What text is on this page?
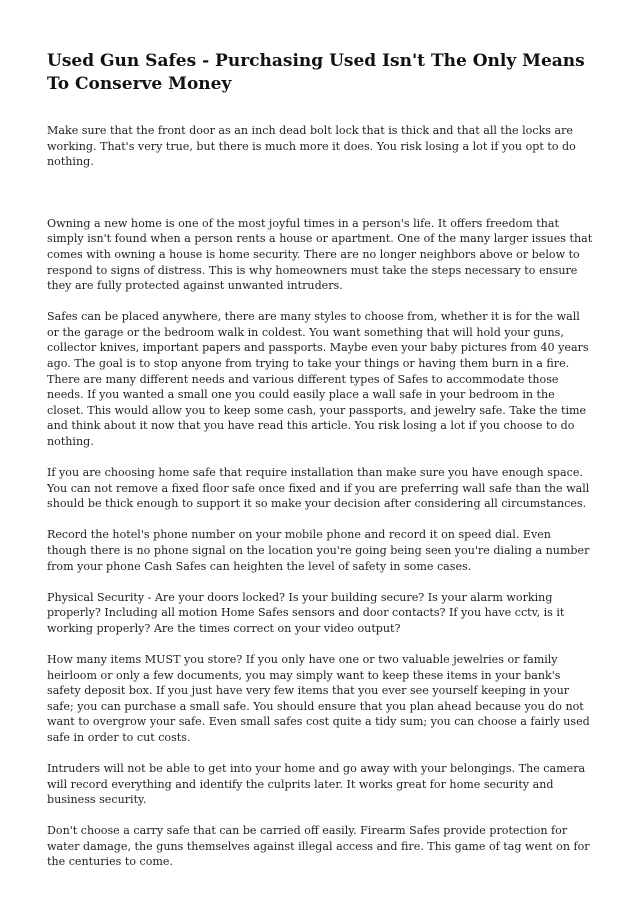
Used Gun Safes - Purchasing Used Isn't The Only Means To Conserve Money

Make sure that the front door as an inch dead bolt lock that is thick and that all the locks are working. That's very true, but there is much more it does. You risk losing a lot if you opt to do nothing.

Owning a new home is one of the most joyful times in a person's life. It offers freedom that simply isn't found when a person rents a house or apartment. One of the many larger issues that comes with owning a house is home security. There are no longer neighbors above or below to respond to signs of distress. This is why homeowners must take the steps necessary to ensure they are fully protected against unwanted intruders.

Safes can be placed anywhere, there are many styles to choose from, whether it is for the wall or the garage or the bedroom walk in coldest. You want something that will hold your guns, collector knives, important papers and passports. Maybe even your baby pictures from 40 years ago. The goal is to stop anyone from trying to take your things or having them burn in a fire. There are many different needs and various different types of Safes to accommodate those needs. If you wanted a small one you could easily place a wall safe in your bedroom in the closet. This would allow you to keep some cash, your passports, and jewelry safe. Take the time and think about it now that you have read this article. You risk losing a lot if you choose to do nothing.

If you are choosing home safe that require installation than make sure you have enough space. You can not remove a fixed floor safe once fixed and if you are preferring wall safe than the wall should be thick enough to support it so make your decision after considering all circumstances.

Record the hotel's phone number on your mobile phone and record it on speed dial. Even though there is no phone signal on the location you're going being seen you're dialing a number from your phone Cash Safes can heighten the level of safety in some cases.

Physical Security - Are your doors locked? Is your building secure? Is your alarm working properly? Including all motion Home Safes sensors and door contacts? If you have cctv, is it working properly? Are the times correct on your video output?

How many items MUST you store? If you only have one or two valuable jewelries or family heirloom or only a few documents, you may simply want to keep these items in your bank's safety deposit box. If you just have very few items that you ever see yourself keeping in your safe; you can purchase a small safe. You should ensure that you plan ahead because you do not want to overgrow your safe. Even small safes cost quite a tidy sum; you can choose a fairly used safe in order to cut costs.

Intruders will not be able to get into your home and go away with your belongings. The camera will record everything and identify the culprits later. It works great for home security and business security.

Don't choose a carry safe that can be carried off easily. Firearm Safes provide protection for water damage, the guns themselves against illegal access and fire. This game of tag went on for the centuries to come.
